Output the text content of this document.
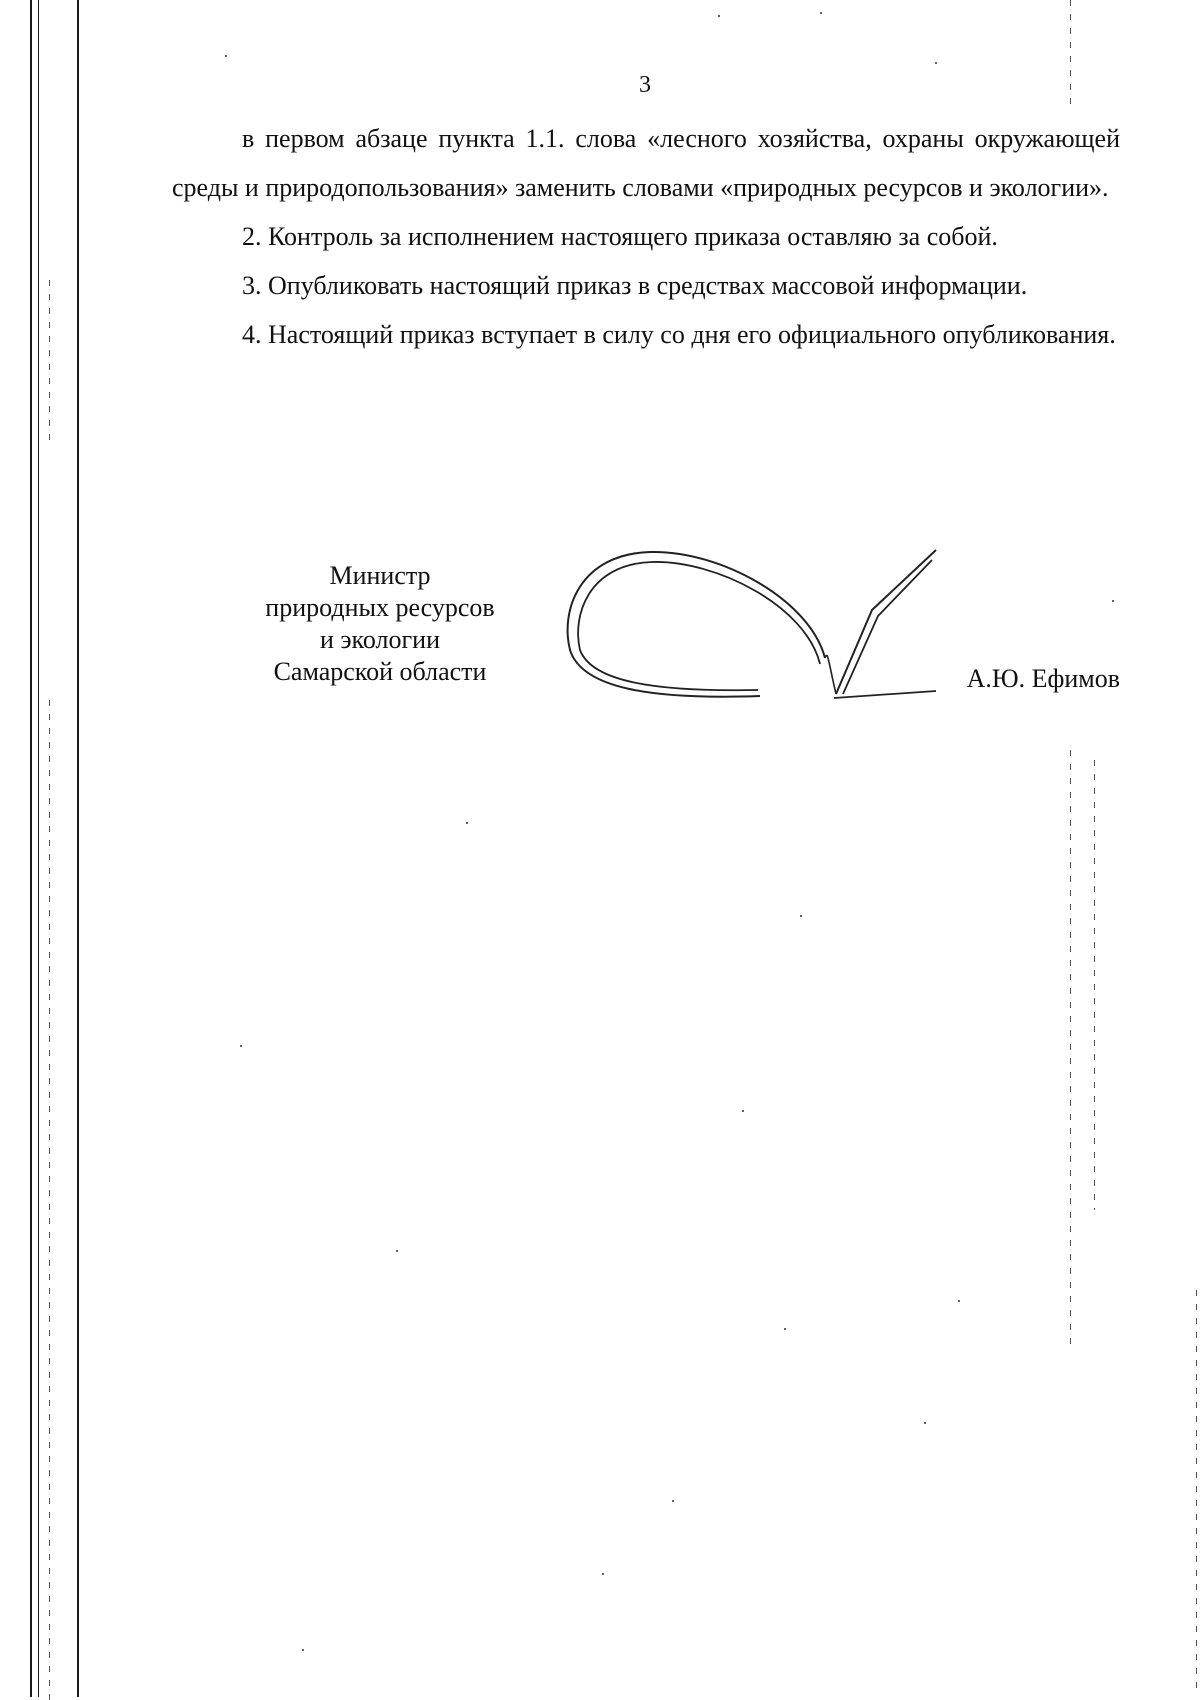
3

в первом абзаце пункта 1.1. слова «лесного хозяйства, охраны окружающей среды и природопользования» заменить словами «природных ресурсов и экологии».

2. Контроль за исполнением настоящего приказа оставляю за собой.

3. Опубликовать настоящий приказ в средствах массовой информации.

4. Настоящий приказ вступает в силу со дня его официального опубликования.

Министр
природных ресурсов
и экологии
Самарской области	А.Ю. Ефимов
